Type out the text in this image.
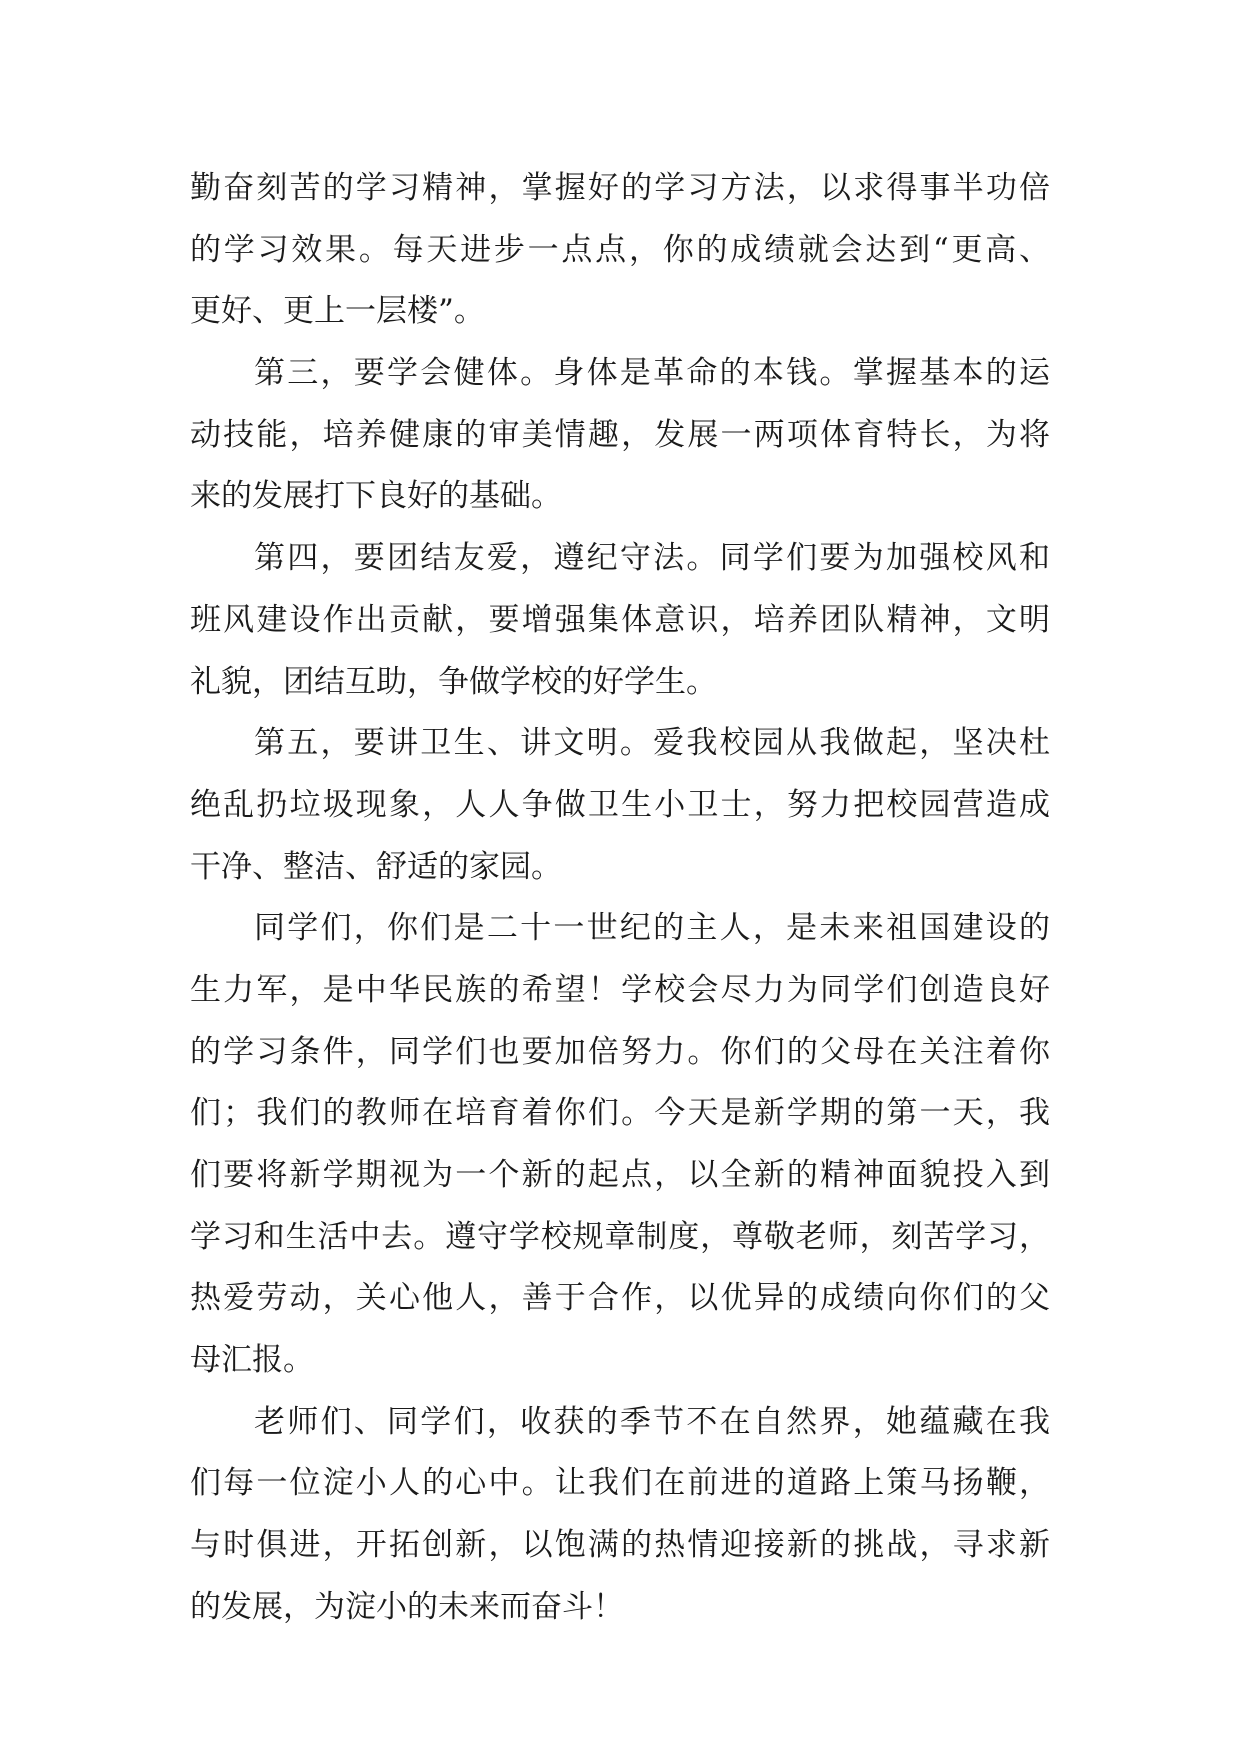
勤奋刻苦的学习精神，掌握好的学习方法，以求得事半功倍
的学习效果。每天进步一点点，你的成绩就会达到“更高、
更好、更上一层楼”。
第三，要学会健体。身体是革命的本钱。掌握基本的运
动技能，培养健康的审美情趣，发展一两项体育特长，为将
来的发展打下良好的基础。
第四，要团结友爱，遵纪守法。同学们要为加强校风和
班风建设作出贡献，要增强集体意识，培养团队精神，文明
礼貌，团结互助，争做学校的好学生。
第五，要讲卫生、讲文明。爱我校园从我做起，坚决杜
绝乱扔垃圾现象，人人争做卫生小卫士，努力把校园营造成
干净、整洁、舒适的家园。
同学们，你们是二十一世纪的主人，是未来祖国建设的
生力军，是中华民族的希望！学校会尽力为同学们创造良好
的学习条件，同学们也要加倍努力。你们的父母在关注着你
们；我们的教师在培育着你们。今天是新学期的第一天，我
们要将新学期视为一个新的起点，以全新的精神面貌投入到
学习和生活中去。遵守学校规章制度，尊敬老师，刻苦学习，
热爱劳动，关心他人，善于合作，以优异的成绩向你们的父
母汇报。
老师们、同学们，收获的季节不在自然界，她蕴藏在我
们每一位淀小人的心中。让我们在前进的道路上策马扬鞭，
与时俱进，开拓创新，以饱满的热情迎接新的挑战，寻求新
的发展，为淀小的未来而奋斗！
